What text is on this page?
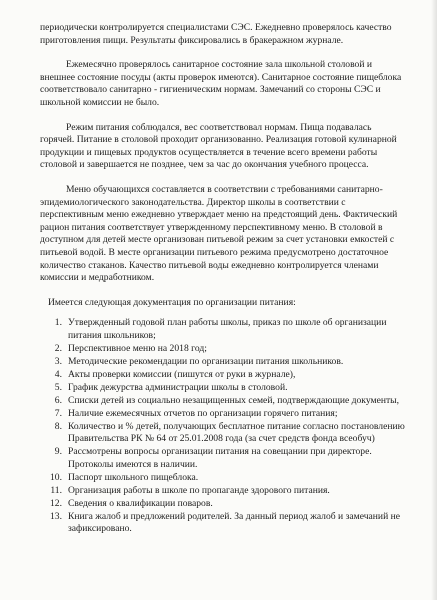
периодически контролируется специалистами СЭС. Ежедневно проверялось качество приготовления пищи. Результаты фиксировались в бракеражном журнале.

Ежемесячно проверялось санитарное состояние зала школьной столовой и внешнее состояние посуды (акты проверок имеются). Санитарное состояние пищеблока соответствовало санитарно - гигиеническим нормам. Замечаний со стороны СЭС и школьной комиссии не было.

Режим питания соблюдался, вес соответствовал нормам. Пища подавалась горячей. Питание в столовой проходит организованно. Реализация готовой кулинарной продукции и пищевых продуктов осуществляется в течение всего времени работы столовой и завершается не позднее, чем за час до окончания учебного процесса.

Меню обучающихся составляется в соответствии с требованиями санитарно-эпидемиологического законодательства. Директор школы в соответствии с перспективным меню ежедневно утверждает меню на предстоящий день. Фактический рацион питания соответствует утвержденному перспективному меню. В столовой в доступном для детей месте организован питьевой режим за счет установки емкостей с питьевой водой. В месте организации питьевого режима предусмотрено достаточное количество стаканов. Качество питьевой воды ежедневно контролируется членами комиссии и медработником.

Имеется следующая документация по организации питания:

1. Утвержденный годовой план работы школы, приказ по школе об организации питания школьников;
2. Перспективное меню на 2018 год;
3. Методические рекомендации по организации питания школьников.
4. Акты проверки комиссии (пишутся от руки в журнале),
5. График дежурства администрации школы в столовой.
6. Списки детей из социально незащищенных семей, подтверждающие документы,
7. Наличие ежемесячных отчетов по организации горячего питания;
8. Количество и % детей, получающих бесплатное питание согласно постановлению Правительства РК № 64 от 25.01.2008 года (за счет средств фонда всеобуч)
9. Рассмотрены вопросы организации питания на совещании при директоре. Протоколы имеются в наличии.
10. Паспорт школьного пищеблока.
11. Организация работы в школе по пропаганде здорового питания.
12. Сведения о квалификации поваров.
13. Книга жалоб и предложений родителей. За данный период жалоб и замечаний не зафиксировано.
